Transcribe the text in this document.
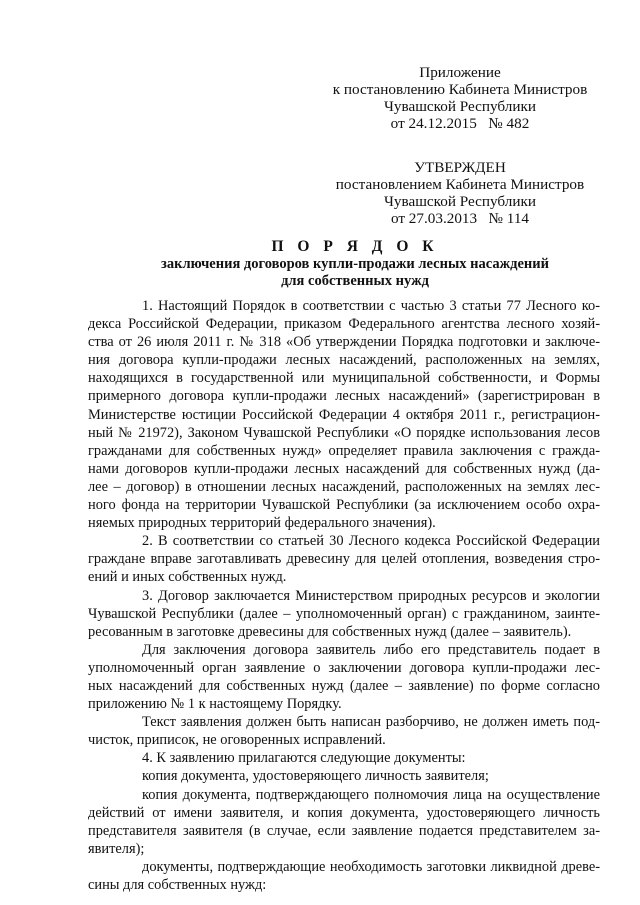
Приложение
к постановлению Кабинета Министров
Чувашской Республики
от 24.12.2015   № 482
УТВЕРЖДЕН
постановлением Кабинета Министров
Чувашской Республики
от 27.03.2013   № 114
П О Р Я Д О К
заключения договоров купли-продажи лесных насаждений
для собственных нужд
1. Настоящий Порядок в соответствии с частью 3 статьи 77 Лесного ко-
декса Российской Федерации, приказом Федерального агентства лесного хозяй-
ства от 26 июля 2011 г. № 318 «Об утверждении Порядка подготовки и заключе-
ния договора купли-продажи лесных насаждений, расположенных на землях,
находящихся в государственной или муниципальной собственности, и Формы
примерного договора купли-продажи лесных насаждений» (зарегистрирован в
Министерстве юстиции Российской Федерации 4 октября 2011 г., регистрацион-
ный № 21972), Законом Чувашской Республики «О порядке использования лесов
гражданами для собственных нужд» определяет правила заключения с гражда-
нами договоров купли-продажи лесных насаждений для собственных нужд (да-
лее – договор) в отношении лесных насаждений, расположенных на землях лес-
ного фонда на территории Чувашской Республики (за исключением особо охра-
няемых природных территорий федерального значения).
2. В соответствии со статьей 30 Лесного кодекса Российской Федерации
граждане вправе заготавливать древесину для целей отопления, возведения стро-
ений и иных собственных нужд.
3. Договор заключается Министерством природных ресурсов и экологии
Чувашской Республики (далее – уполномоченный орган) с гражданином, заинте-
ресованным в заготовке древесины для собственных нужд (далее – заявитель).
Для заключения договора заявитель либо его представитель подает в
уполномоченный орган заявление о заключении договора купли-продажи лес-
ных насаждений для собственных нужд (далее – заявление) по форме согласно
приложению № 1 к настоящему Порядку.
Текст заявления должен быть написан разборчиво, не должен иметь под-
чисток, приписок, не оговоренных исправлений.
4. К заявлению прилагаются следующие документы:
копия документа, удостоверяющего личность заявителя;
копия документа, подтверждающего полномочия лица на осуществление
действий от имени заявителя, и копия документа, удостоверяющего личность
представителя заявителя (в случае, если заявление подается представителем за-
явителя);
документы, подтверждающие необходимость заготовки ликвидной древе-
сины для собственных нужд:
